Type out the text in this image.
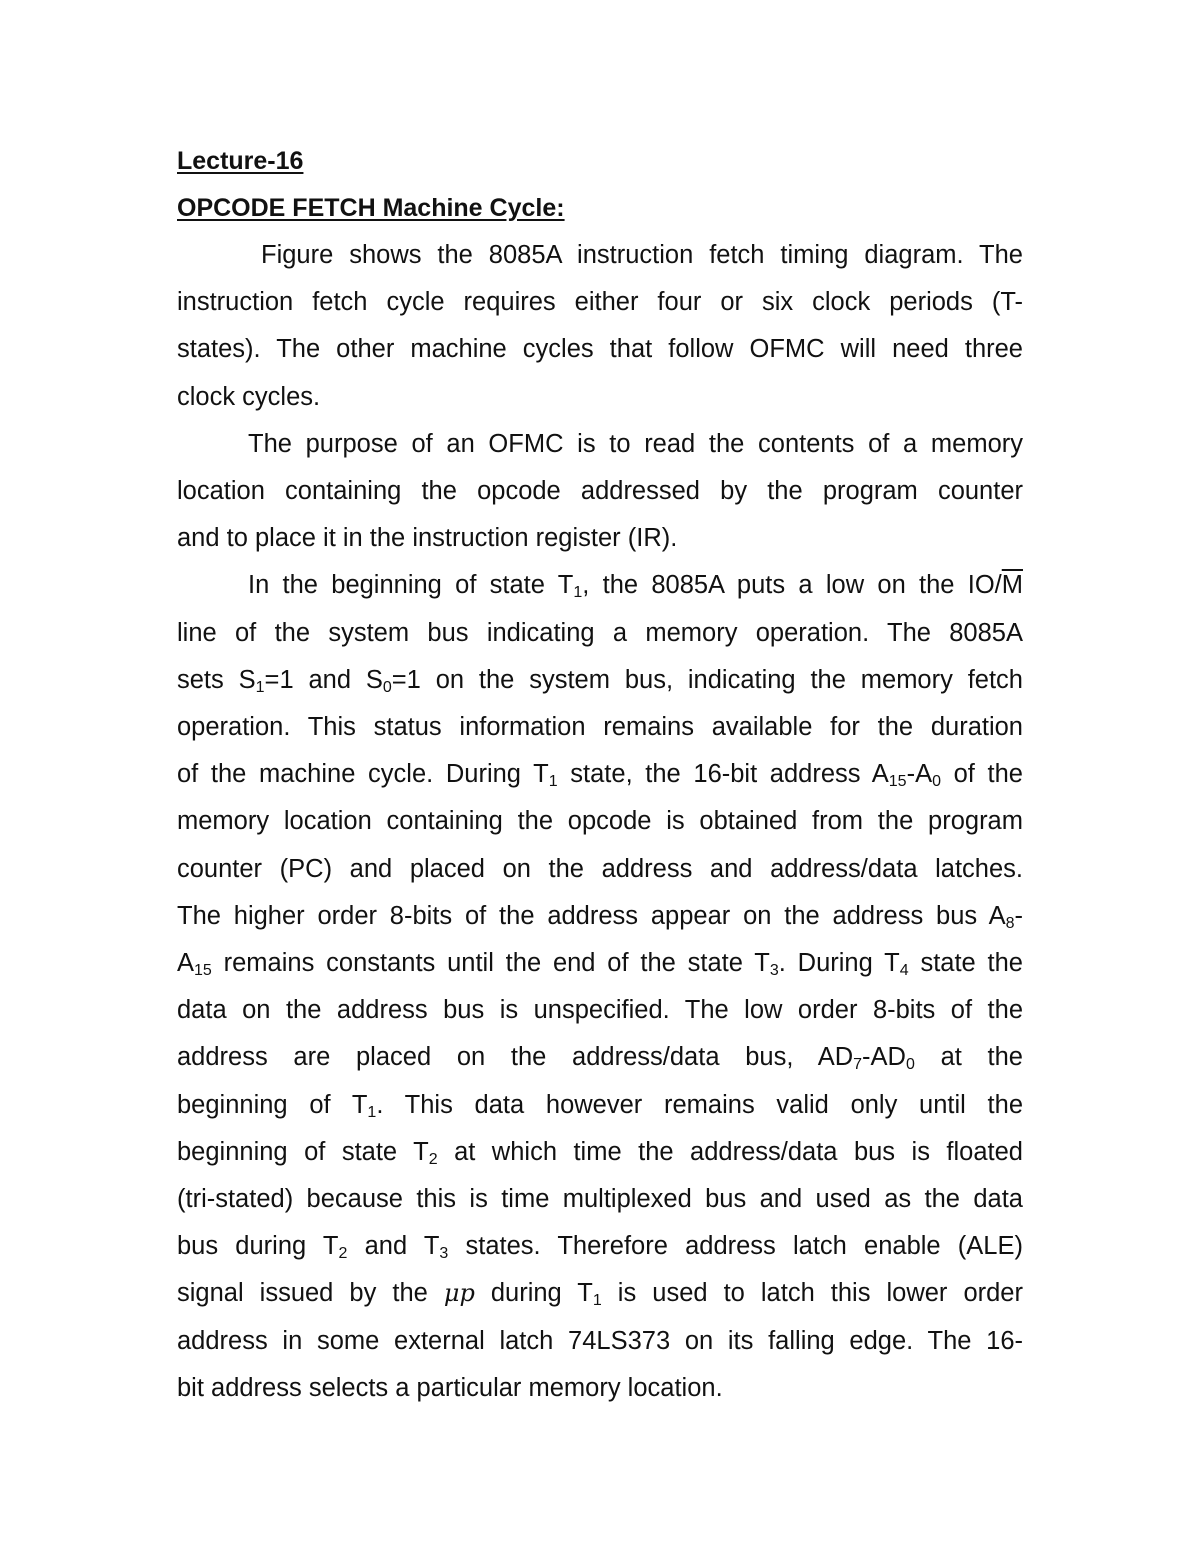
Lecture-16

OPCODE FETCH Machine Cycle:

Figure shows the 8085A instruction fetch timing diagram. The
instruction fetch cycle requires either four or six clock periods (T-
states). The other machine cycles that follow OFMC will need three
clock cycles.
The purpose of an OFMC is to read the contents of a memory
location containing the opcode addressed by the program counter
and to place it in the instruction register (IR).
In the beginning of state $T_1$, the 8085A puts a low on the $IO/\overline{M}$
line of the system bus indicating a memory operation. The 8085A
sets $S_1=1$ and $S_0=1$ on the system bus, indicating the memory fetch
operation. This status information remains available for the duration
of the machine cycle. During $T_1$ state, the 16-bit address $A_{15}-A_0$ of the
memory location containing the opcode is obtained from the program
counter (PC) and placed on the address and address/data latches.
The higher order 8-bits of the address appear on the address bus $A_8-$
$A_{15}$ remains constants until the end of the state $T_3$. During $T_4$ state the
data on the address bus is unspecified. The low order 8-bits of the
address are placed on the address/data bus, $AD_7-AD_0$ at the
beginning of $T_1$. This data however remains valid only until the
beginning of state $T_2$ at which time the address/data bus is floated
(tri-stated) because this is time multiplexed bus and used as the data
bus during $T_2$ and $T_3$ states. Therefore address latch enable (ALE)
signal issued by the μp during $T_1$ is used to latch this lower order
address in some external latch 74LS373 on its falling edge. The 16-
bit address selects a particular memory location.
